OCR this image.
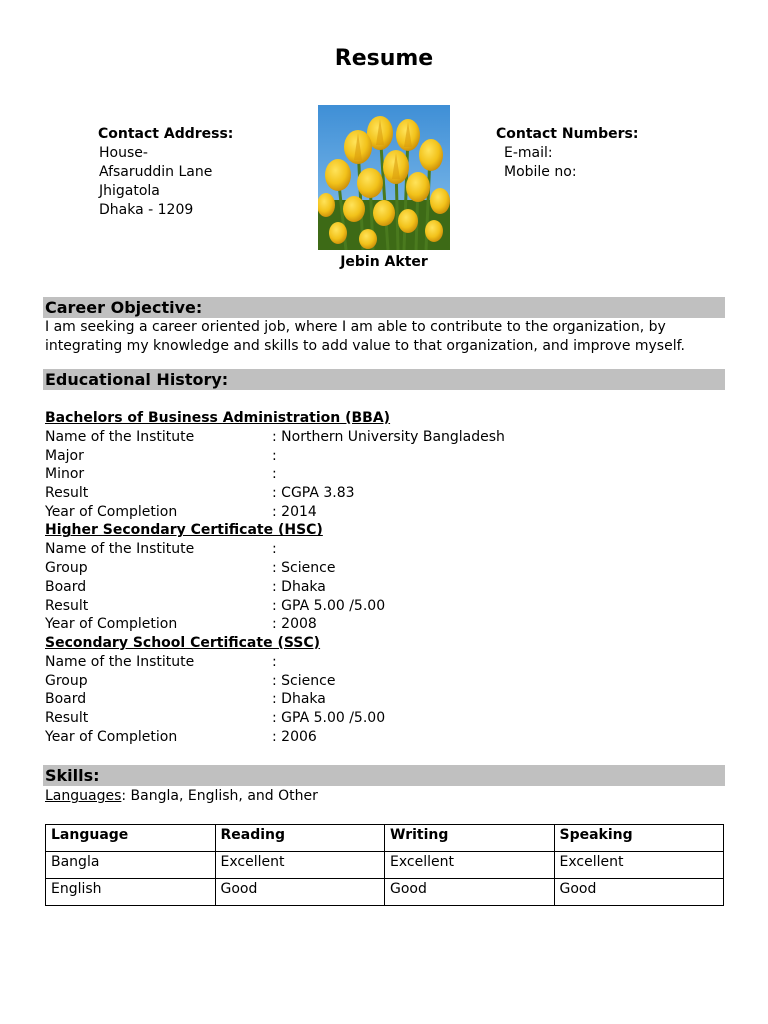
Resume
Contact Address:
House-
Afsaruddin Lane
Jhigatola
Dhaka - 1209
Jebin Akter
Contact Numbers:
E-mail:
Mobile no:
Career Objective:
I am seeking a career oriented job, where I am able to contribute to the organization, by integrating my knowledge and skills to add value to that organization, and improve myself.
Educational History:
Bachelors of Business Administration (BBA)
Name of the Institute	: Northern University Bangladesh
Major	:
Minor	:
Result	: CGPA 3.83
Year of Completion	: 2014
Higher Secondary Certificate (HSC)
Name of the Institute	:
Group	: Science
Board	: Dhaka
Result	: GPA 5.00 /5.00
Year of Completion	: 2008
Secondary School Certificate (SSC)
Name of the Institute	:
Group	: Science
Board	: Dhaka
Result	: GPA 5.00 /5.00
Year of Completion	: 2006
Skills:
Languages: Bangla, English, and Other
Language	Reading	Writing	Speaking
Bangla	Excellent	Excellent	Excellent
English	Good	Good	Good
